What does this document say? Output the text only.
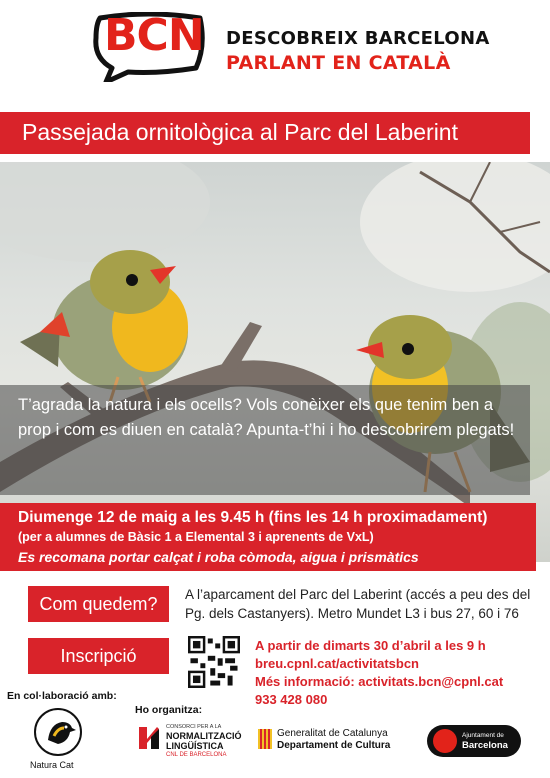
BCN DESCOBREIX BARCELONA
PARLANT EN CATALÀ
Passejada ornitològica al Parc del Laberint
T’agrada la natura i els ocells? Vols conèixer els que tenim ben a prop i com es diuen en català? Apunta-t’hi i ho descobrirem plegats!
Diumenge 12 de maig a les 9.45 h (fins les 14 h proximadament)
(per a alumnes de Bàsic 1 a Elemental 3 i aprenents de VxL)
Es recomana portar calçat i roba còmoda, aigua i prismàtics
Com quedem?	A l’aparcament del Parc del Laberint (accés a peu des del Pg. dels Castanyers). Metro Mundet L3 i bus 27, 60 i 76
Inscripció
A partir de dimarts 30 d’abril a les 9 h
breu.cpnl.cat/activitatsbcn
Més informació: activitats.bcn@cpnl.cat
933 428 080
En col·laboració amb:
Natura Cat
Ho organitza:
CONSORCI PER A LA
NORMALITZACIÓ
LINGÜÍSTICA
CNL DE BARCELONA
Generalitat de Catalunya
Departament de Cultura
Ajuntament de
Barcelona
